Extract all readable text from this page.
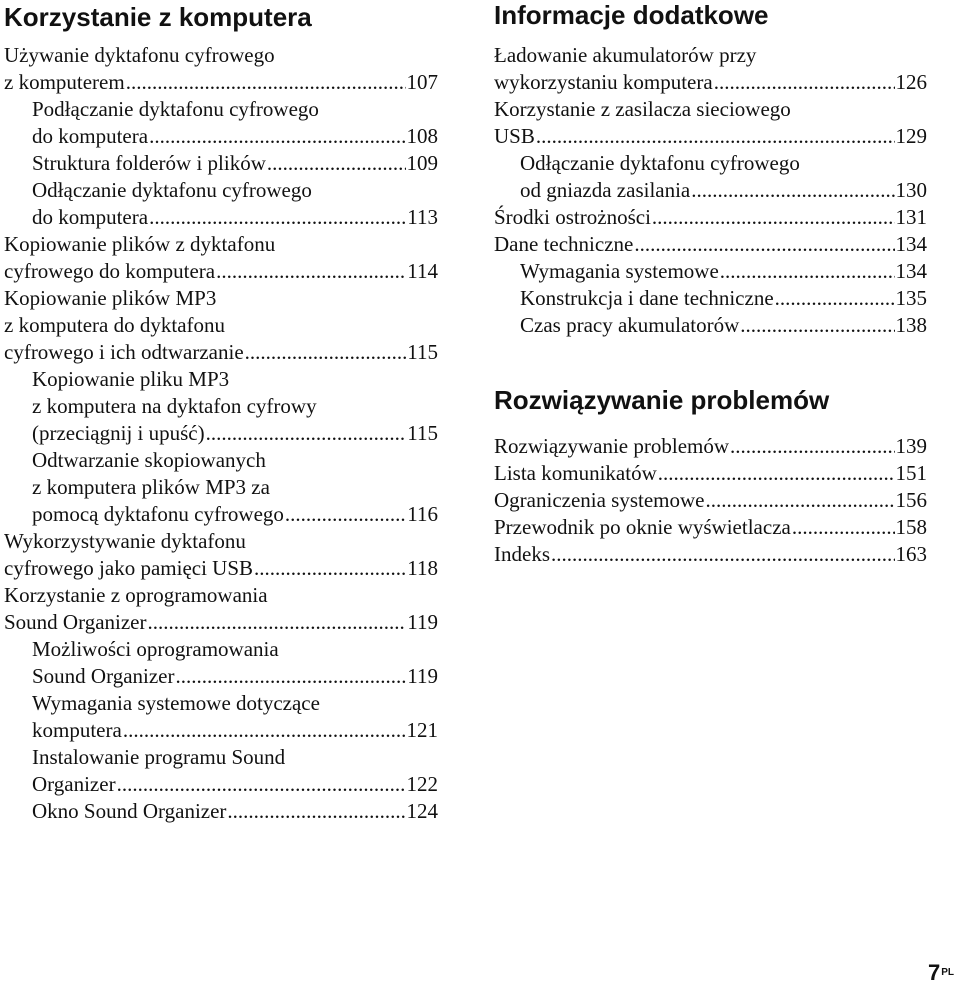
Korzystanie z komputera
Używanie dyktafonu cyfrowego
z komputerem .....	107
Podłączanie dyktafonu cyfrowego
do komputera .....	108
Struktura folderów i plików .....	109
Odłączanie dyktafonu cyfrowego
do komputera .....	113
Kopiowanie plików z dyktafonu
cyfrowego do komputera .....	114
Kopiowanie plików MP3
z komputera do dyktafonu
cyfrowego i ich odtwarzanie .....	115
Kopiowanie pliku MP3
z komputera na dyktafon cyfrowy
(przeciągnij i upuść) .....	115
Odtwarzanie skopiowanych
z komputera plików MP3 za
pomocą dyktafonu cyfrowego .....	116
Wykorzystywanie dyktafonu
cyfrowego jako pamięci USB .....	118
Korzystanie z oprogramowania
Sound Organizer .....	119
Możliwości oprogramowania
Sound Organizer .....	119
Wymagania systemowe dotyczące
komputera .....	121
Instalowanie programu Sound
Organizer .....	122
Okno Sound Organizer .....	124
Informacje dodatkowe
Ładowanie akumulatorów przy
wykorzystaniu komputera .....	126
Korzystanie z zasilacza sieciowego
USB .....	129
Odłączanie dyktafonu cyfrowego
od gniazda zasilania .....	130
Środki ostrożności .....	131
Dane techniczne .....	134
Wymagania systemowe .....	134
Konstrukcja i dane techniczne .....	135
Czas pracy akumulatorów .....	138
Rozwiązywanie problemów
Rozwiązywanie problemów .....	139
Lista komunikatów .....	151
Ograniczenia systemowe .....	156
Przewodnik po oknie wyświetlacza .....	158
Indeks .....	163
$7^{PL}$
